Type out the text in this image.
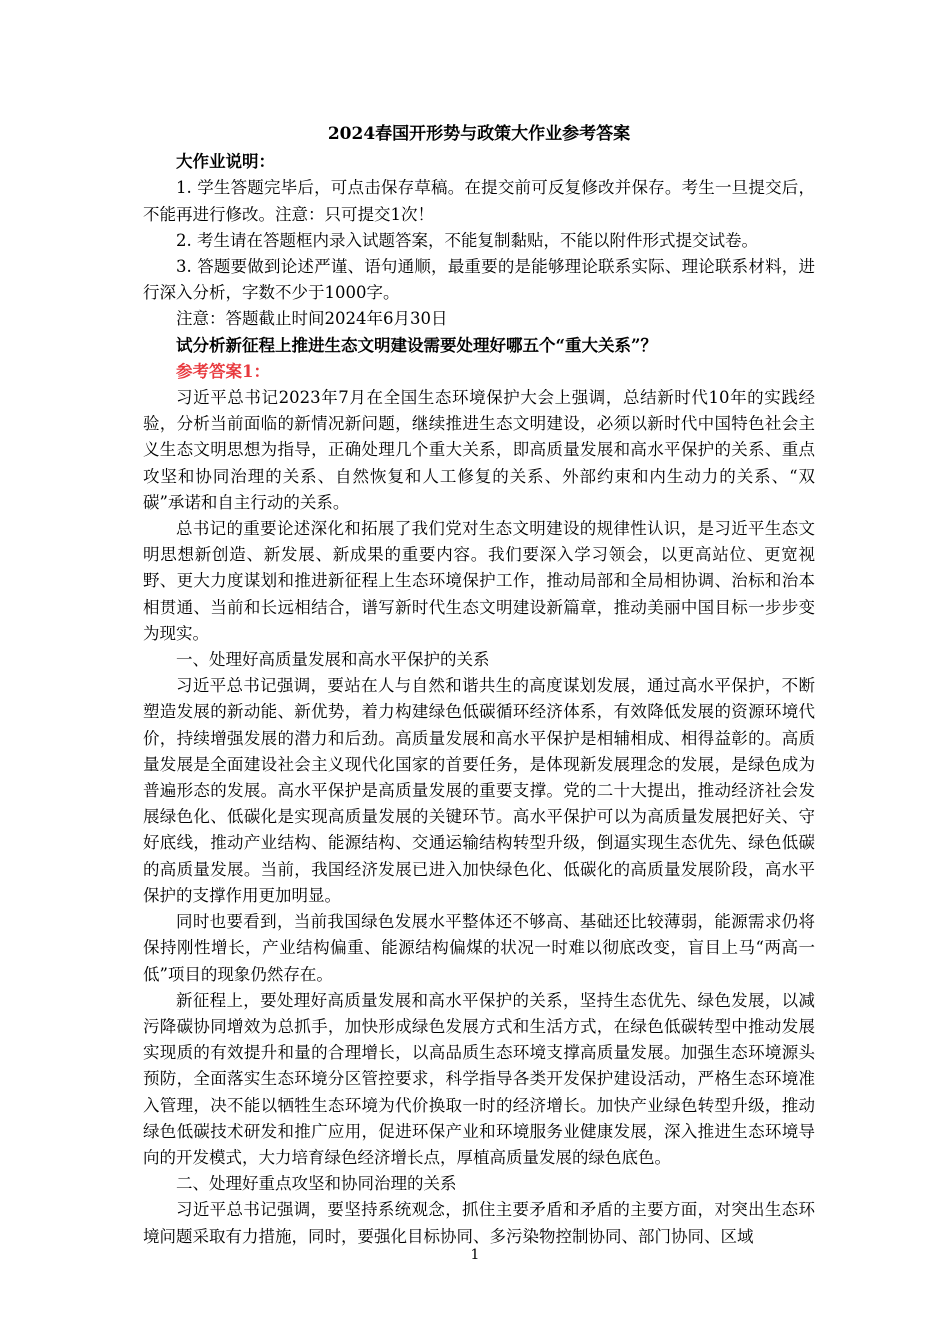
2024春国开形势与政策大作业参考答案

大作业说明：

1. 学生答题完毕后，可点击保存草稿。在提交前可反复修改并保存。考生一旦提交后，不能再进行修改。注意：只可提交1次！

2. 考生请在答题框内录入试题答案，不能复制黏贴，不能以附件形式提交试卷。

3. 答题要做到论述严谨、语句通顺，最重要的是能够理论联系实际、理论联系材料，进行深入分析，字数不少于1000字。

注意：答题截止时间2024年6月30日

试分析新征程上推进生态文明建设需要处理好哪五个“重大关系”？

参考答案1：

习近平总书记2023年7月在全国生态环境保护大会上强调，总结新时代10年的实践经验，分析当前面临的新情况新问题，继续推进生态文明建设，必须以新时代中国特色社会主义生态文明思想为指导，正确处理几个重大关系，即高质量发展和高水平保护的关系、重点攻坚和协同治理的关系、自然恢复和人工修复的关系、外部约束和内生动力的关系、“双碳”承诺和自主行动的关系。

总书记的重要论述深化和拓展了我们党对生态文明建设的规律性认识，是习近平生态文明思想新创造、新发展、新成果的重要内容。我们要深入学习领会，以更高站位、更宽视野、更大力度谋划和推进新征程上生态环境保护工作，推动局部和全局相协调、治标和治本相贯通、当前和长远相结合，谱写新时代生态文明建设新篇章，推动美丽中国目标一步步变为现实。

一、处理好高质量发展和高水平保护的关系

习近平总书记强调，要站在人与自然和谐共生的高度谋划发展，通过高水平保护，不断塑造发展的新动能、新优势，着力构建绿色低碳循环经济体系，有效降低发展的资源环境代价，持续增强发展的潜力和后劲。高质量发展和高水平保护是相辅相成、相得益彰的。高质量发展是全面建设社会主义现代化国家的首要任务，是体现新发展理念的发展，是绿色成为普遍形态的发展。高水平保护是高质量发展的重要支撑。党的二十大提出，推动经济社会发展绿色化、低碳化是实现高质量发展的关键环节。高水平保护可以为高质量发展把好关、守好底线，推动产业结构、能源结构、交通运输结构转型升级，倒逼实现生态优先、绿色低碳的高质量发展。当前，我国经济发展已进入加快绿色化、低碳化的高质量发展阶段，高水平保护的支撑作用更加明显。

同时也要看到，当前我国绿色发展水平整体还不够高、基础还比较薄弱，能源需求仍将保持刚性增长，产业结构偏重、能源结构偏煤的状况一时难以彻底改变，盲目上马“两高一低”项目的现象仍然存在。

新征程上，要处理好高质量发展和高水平保护的关系，坚持生态优先、绿色发展，以减污降碳协同增效为总抓手，加快形成绿色发展方式和生活方式，在绿色低碳转型中推动发展实现质的有效提升和量的合理增长，以高品质生态环境支撑高质量发展。加强生态环境源头预防，全面落实生态环境分区管控要求，科学指导各类开发保护建设活动，严格生态环境准入管理，决不能以牺牲生态环境为代价换取一时的经济增长。加快产业绿色转型升级，推动绿色低碳技术研发和推广应用，促进环保产业和环境服务业健康发展，深入推进生态环境导向的开发模式，大力培育绿色经济增长点，厚植高质量发展的绿色底色。

二、处理好重点攻坚和协同治理的关系

习近平总书记强调，要坚持系统观念，抓住主要矛盾和矛盾的主要方面，对突出生态环境问题采取有力措施，同时，要强化目标协同、多污染物控制协同、部门协同、区域

1
